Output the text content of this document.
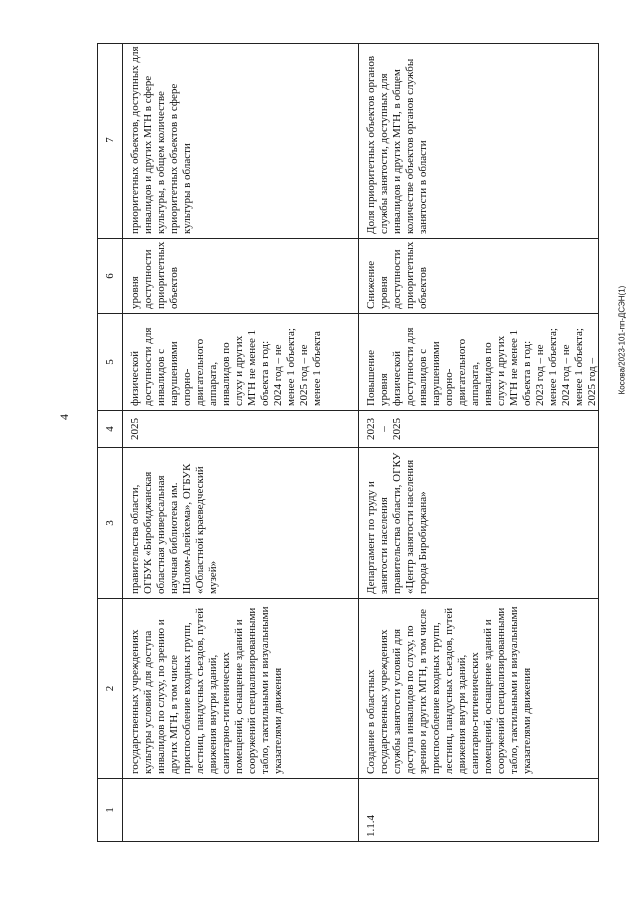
4
Косова/2023-101-пп-ДСЭН(1)
1
2
3
4
5
6
7
государственных учреждениях культуры условий для доступа инвалидов по слуху, по зрению и других МГН, в том числе приспособление входных групп, лестниц, пандусных съездов, путей движения внутри зданий, санитарно-гигиенических помещений, оснащение зданий и сооружений специализированными табло, тактильными и визуальными указателями движения
правительства области, ОГБУК «Биробиджанская областная универсальная научная библиотека им. Шолом-Алейхема», ОГБУК «Областной краеведческий музей»
2025
физической доступности для инвалидов с нарушениями опорно-двигательного аппарата, инвалидов по слуху и других МГН не менее 1 объекта в год: 2024 год – не менее 1 объекта; 2025 год – не менее 1 объекта
уровня доступности приоритетных объектов
приоритетных объектов, доступных для инвалидов и других МГН в сфере культуры, в общем количестве приоритетных объектов в сфере культуры в области
1.1.4
Создание в областных государственных учреждениях службы занятости условий для доступа инвалидов по слуху, по зрению и других МГН, в том числе приспособление входных групп, лестниц, пандусных съездов, путей движения внутри зданий, санитарно-гигиенических помещений, оснащение зданий и сооружений специализированными табло, тактильными и визуальными указателями движения
Департамент по труду и занятости населения правительства области, ОГКУ «Центр занятости населения города Биробиджана»
2023 – 2025
Повышение уровня физической доступности для инвалидов с нарушениями опорно-двигательного аппарата, инвалидов по слуху и других МГН не менее 1 объекта в год: 2023 год – не менее 1 объекта; 2024 год – не менее 1 объекта; 2025 год –
Снижение уровня доступности приоритетных объектов
Доля приоритетных объектов органов службы занятости, доступных для инвалидов и других МГН, в общем количестве объектов органов службы занятости в области
